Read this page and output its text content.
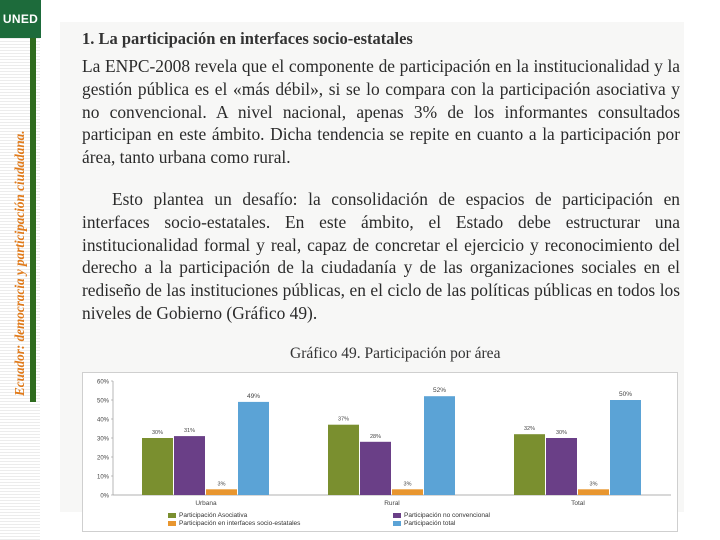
UNED
Ecuador: democracia y participación ciudadana.
1. La participación en interfaces socio-estatales

La ENPC-2008 revela que el componente de participación en la institucionalidad y la gestión pública es el «más débil», si se lo compara con la participación asociativa y no convencional. A nivel nacional, apenas 3% de los informantes consultados participan en este ámbito. Dicha tendencia se repite en cuanto a la participación por área, tanto urbana como rural.

Esto plantea un desafío: la consolidación de espacios de participación en interfaces socio-estatales. En este ámbito, el Estado debe estructurar una institucionalidad formal y real, capaz de concretar el ejercicio y reconocimiento del derecho a la participación de la ciudadanía y de las organizaciones sociales en el rediseño de las instituciones públicas, en el ciclo de las políticas públicas en todos los niveles de Gobierno (Gráfico 49).

Gráfico 49. Participación por área
0%
10%
20%
30%
40%
50%
60%
30%	31%
3%
49%
Urbana
37%
28%
3%
52%
Rural
32%
30%
3%
50%
Total
Participación Asociativa	Participación no convencional
Participación en interfaces socio-estatales	Participación total
